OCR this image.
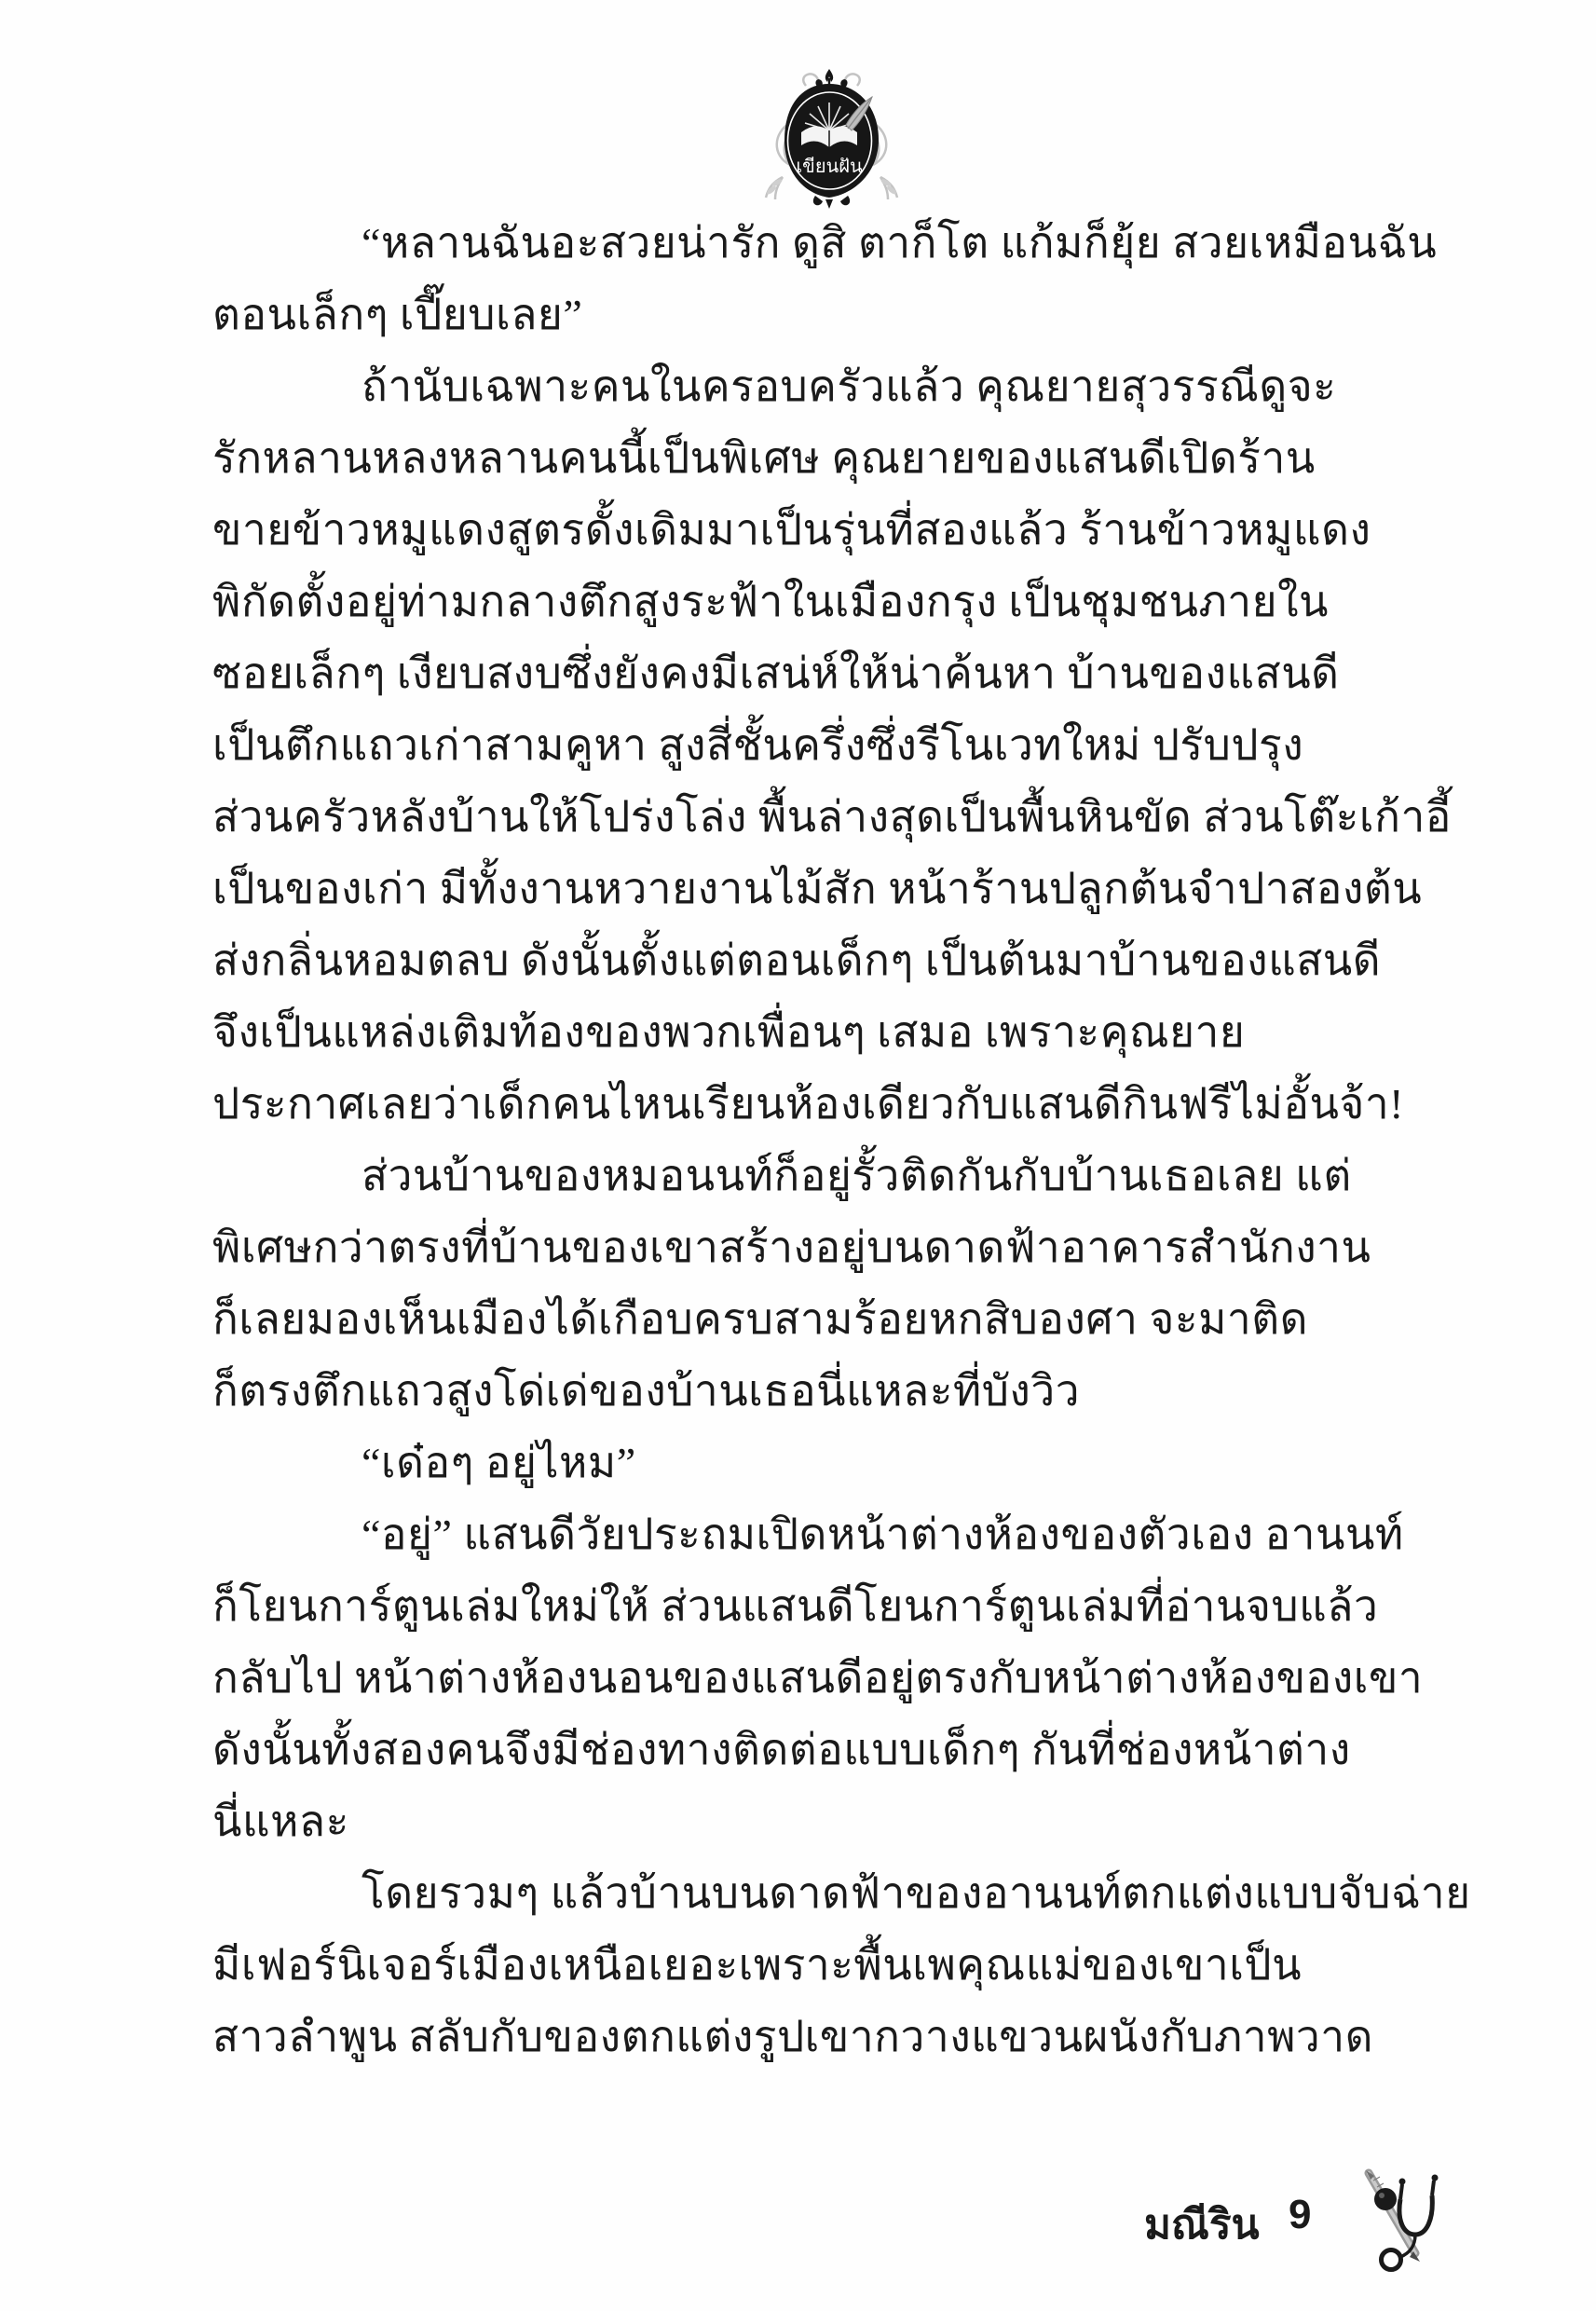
เขียนฝัน
“หลานฉันอะสวยน่ารัก ดูสิ ตาก็โต แก้มก็ยุ้ย สวยเหมือนฉัน
ตอนเล็กๆ เปี๊ยบเลย”
ถ้านับเฉพาะคนในครอบครัวแล้ว คุณยายสุวรรณีดูจะ
รักหลานหลงหลานคนนี้เป็นพิเศษ คุณยายของแสนดีเปิดร้าน
ขายข้าวหมูแดงสูตรดั้งเดิมมาเป็นรุ่นที่สองแล้ว ร้านข้าวหมูแดง
พิกัดตั้งอยู่ท่ามกลางตึกสูงระฟ้าในเมืองกรุง เป็นชุมชนภายใน
ซอยเล็กๆ เงียบสงบซึ่งยังคงมีเสน่ห์ให้น่าค้นหา บ้านของแสนดี
เป็นตึกแถวเก่าสามคูหา สูงสี่ชั้นครึ่งซึ่งรีโนเวทใหม่ ปรับปรุง
ส่วนครัวหลังบ้านให้โปร่งโล่ง พื้นล่างสุดเป็นพื้นหินขัด ส่วนโต๊ะเก้าอี้
เป็นของเก่า มีทั้งงานหวายงานไม้สัก หน้าร้านปลูกต้นจำปาสองต้น
ส่งกลิ่นหอมตลบ ดังนั้นตั้งแต่ตอนเด็กๆ เป็นต้นมาบ้านของแสนดี
จึงเป็นแหล่งเติมท้องของพวกเพื่อนๆ เสมอ เพราะคุณยาย
ประกาศเลยว่าเด็กคนไหนเรียนห้องเดียวกับแสนดีกินฟรีไม่อั้นจ้า!
ส่วนบ้านของหมอนนท์ก็อยู่รั้วติดกันกับบ้านเธอเลย แต่
พิเศษกว่าตรงที่บ้านของเขาสร้างอยู่บนดาดฟ้าอาคารสำนักงาน
ก็เลยมองเห็นเมืองได้เกือบครบสามร้อยหกสิบองศา จะมาติด
ก็ตรงตึกแถวสูงโด่เด่ของบ้านเธอนี่แหละที่บังวิว
“เด๋อๆ อยู่ไหม”
“อยู่” แสนดีวัยประถมเปิดหน้าต่างห้องของตัวเอง อานนท์
ก็โยนการ์ตูนเล่มใหม่ให้ ส่วนแสนดีโยนการ์ตูนเล่มที่อ่านจบแล้ว
กลับไป หน้าต่างห้องนอนของแสนดีอยู่ตรงกับหน้าต่างห้องของเขา
ดังนั้นทั้งสองคนจึงมีช่องทางติดต่อแบบเด็กๆ กันที่ช่องหน้าต่าง
นี่แหละ
โดยรวมๆ แล้วบ้านบนดาดฟ้าของอานนท์ตกแต่งแบบจับฉ่าย
มีเฟอร์นิเจอร์เมืองเหนือเยอะเพราะพื้นเพคุณแม่ของเขาเป็น
สาวลำพูน สลับกับของตกแต่งรูปเขากวางแขวนผนังกับภาพวาด
มณีริน 9
